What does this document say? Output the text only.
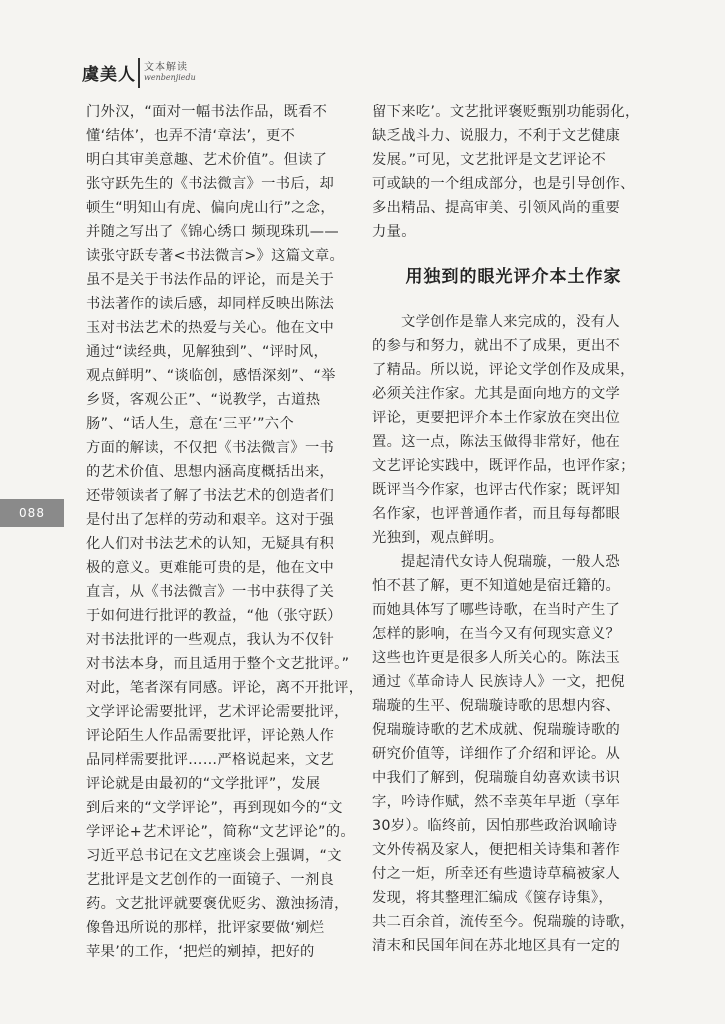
虞美人 文本解读
wenbenjiedu
088
门外汉，“面对一幅书法作品，既看不
懂‘结体’，也弄不清‘章法’，更不
明白其审美意趣、艺术价值”。但读了
张守跃先生的《书法微言》一书后，却
顿生“明知山有虎、偏向虎山行”之念，
并随之写出了《锦心绣口 频现珠玑——
读张守跃专著<书法微言>》这篇文章。
虽不是关于书法作品的评论，而是关于
书法著作的读后感，却同样反映出陈法
玉对书法艺术的热爱与关心。他在文中
通过“读经典，见解独到”、“评时风，
观点鲜明”、“谈临创，感悟深刻”、“举
乡贤，客观公正”、“说教学，古道热
肠”、“话人生，意在‘三平’”六个
方面的解读，不仅把《书法微言》一书
的艺术价值、思想内涵高度概括出来，
还带领读者了解了书法艺术的创造者们
是付出了怎样的劳动和艰辛。这对于强
化人们对书法艺术的认知，无疑具有积
极的意义。更难能可贵的是，他在文中
直言，从《书法微言》一书中获得了关
于如何进行批评的教益，“他（张守跃）
对书法批评的一些观点，我认为不仅针
对书法本身，而且适用于整个文艺批评。”
对此，笔者深有同感。评论，离不开批评，
文学评论需要批评，艺术评论需要批评，
评论陌生人作品需要批评，评论熟人作
品同样需要批评……严格说起来，文艺
评论就是由最初的“文学批评”，发展
到后来的“文学评论”，再到现如今的“文
学评论+艺术评论”，简称“文艺评论”的。
习近平总书记在文艺座谈会上强调，“文
艺批评是文艺创作的一面镜子、一剂良
药。文艺批评就要褒优贬劣、激浊扬清，
像鲁迅所说的那样，批评家要做‘剜烂
苹果’的工作，‘把烂的剜掉，把好的
留下来吃’。文艺批评褒贬甄别功能弱化，
缺乏战斗力、说服力，不利于文艺健康
发展。”可见，文艺批评是文艺评论不
可或缺的一个组成部分，也是引导创作、
多出精品、提高审美、引领风尚的重要
力量。
用独到的眼光评介本土作家
文学创作是靠人来完成的，没有人
的参与和努力，就出不了成果，更出不
了精品。所以说，评论文学创作及成果，
必须关注作家。尤其是面向地方的文学
评论，更要把评介本土作家放在突出位
置。这一点，陈法玉做得非常好，他在
文艺评论实践中，既评作品，也评作家；
既评当今作家，也评古代作家；既评知
名作家，也评普通作者，而且每每都眼
光独到，观点鲜明。
提起清代女诗人倪瑞璇，一般人恐
怕不甚了解，更不知道她是宿迁籍的。
而她具体写了哪些诗歌，在当时产生了
怎样的影响，在当今又有何现实意义？
这些也许更是很多人所关心的。陈法玉
通过《革命诗人 民族诗人》一文，把倪
瑞璇的生平、倪瑞璇诗歌的思想内容、
倪瑞璇诗歌的艺术成就、倪瑞璇诗歌的
研究价值等，详细作了介绍和评论。从
中我们了解到，倪瑞璇自幼喜欢读书识
字，吟诗作赋，然不幸英年早逝（享年
30岁）。临终前，因怕那些政治讽喻诗
文外传祸及家人，便把相关诗集和著作
付之一炬，所幸还有些遗诗草稿被家人
发现，将其整理汇编成《箧存诗集》，
共二百余首，流传至今。倪瑞璇的诗歌，
清末和民国年间在苏北地区具有一定的
